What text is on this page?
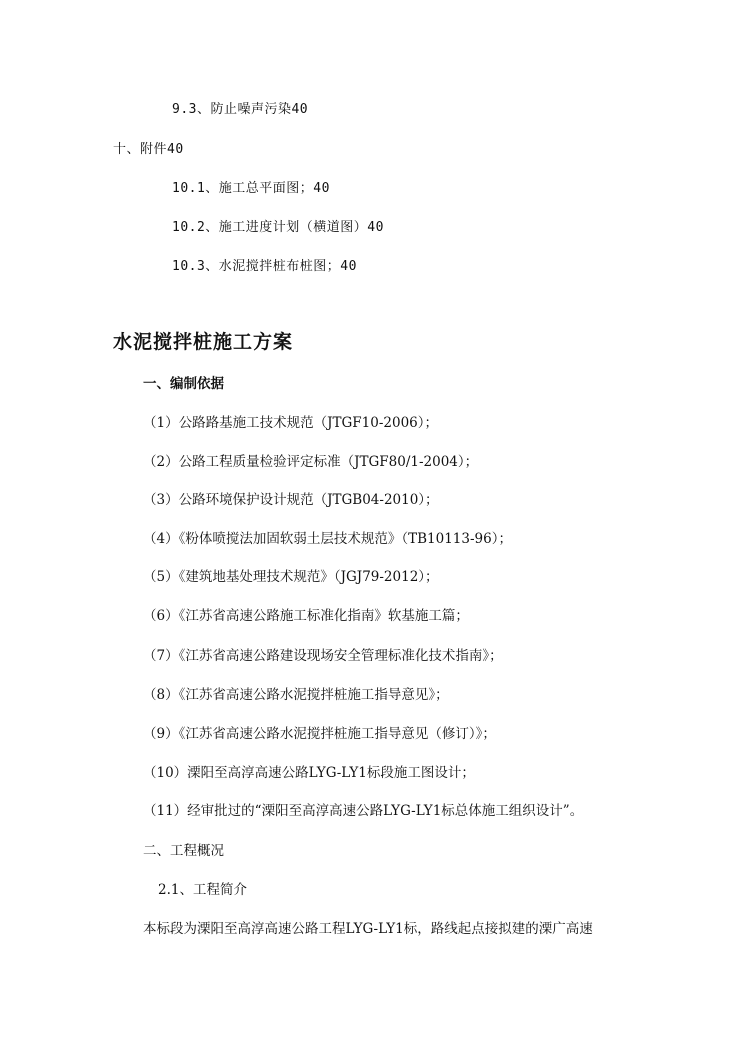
9.3、防止噪声污染40
十、附件40
10.1、施工总平面图；40
10.2、施工进度计划（横道图）40
10.3、水泥搅拌桩布桩图；40
水泥搅拌桩施工方案
一、编制依据
（1）公路路基施工技术规范（JTGF10-2006）；
（2）公路工程质量检验评定标准（JTGF80/1-2004）；
（3）公路环境保护设计规范（JTGB04-2010）；
（4）《粉体喷搅法加固软弱土层技术规范》（TB10113-96）；
（5）《建筑地基处理技术规范》（JGJ79-2012）；
（6）《江苏省高速公路施工标准化指南》软基施工篇；
（7）《江苏省高速公路建设现场安全管理标准化技术指南》；
（8）《江苏省高速公路水泥搅拌桩施工指导意见》；
（9）《江苏省高速公路水泥搅拌桩施工指导意见（修订）》；
（10）溧阳至高淳高速公路LYG-LY1标段施工图设计；
（11）经审批过的“溧阳至高淳高速公路LYG-LY1标总体施工组织设计”。
二、工程概况
2.1、工程简介
本标段为溧阳至高淳高速公路工程LYG-LY1标，路线起点接拟建的溧广高速
